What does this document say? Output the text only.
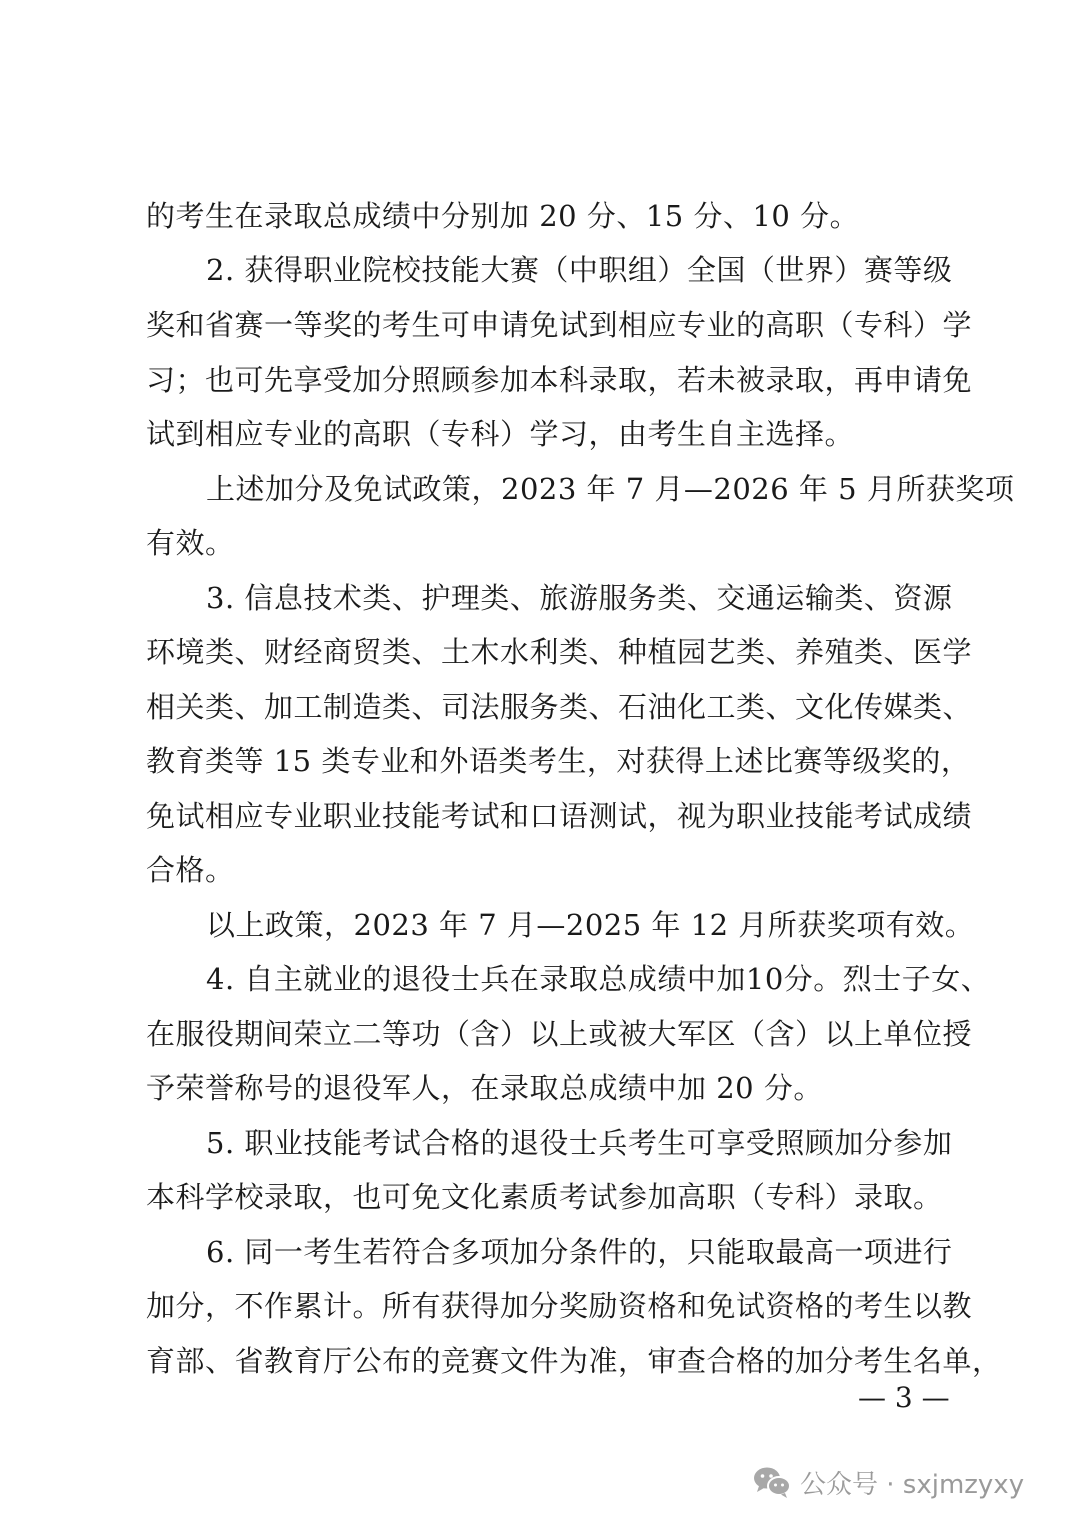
的考生在录取总成绩中分别加 20 分、15 分、10 分。
2. 获得职业院校技能大赛（中职组）全国（世界）赛等级
奖和省赛一等奖的考生可申请免试到相应专业的高职（专科）学
习；也可先享受加分照顾参加本科录取，若未被录取，再申请免
试到相应专业的高职（专科）学习，由考生自主选择。
上述加分及免试政策，2023 年 7 月—2026 年 5 月所获奖项
有效。
3. 信息技术类、护理类、旅游服务类、交通运输类、资源
环境类、财经商贸类、土木水利类、种植园艺类、养殖类、医学
相关类、加工制造类、司法服务类、石油化工类、文化传媒类、
教育类等 15 类专业和外语类考生，对获得上述比赛等级奖的，
免试相应专业职业技能考试和口语测试，视为职业技能考试成绩
合格。
以上政策，2023 年 7 月—2025 年 12 月所获奖项有效。
4. 自主就业的退役士兵在录取总成绩中加10分。烈士子女、
在服役期间荣立二等功（含）以上或被大军区（含）以上单位授
予荣誉称号的退役军人，在录取总成绩中加 20 分。
5. 职业技能考试合格的退役士兵考生可享受照顾加分参加
本科学校录取，也可免文化素质考试参加高职（专科）录取。
6. 同一考生若符合多项加分条件的，只能取最高一项进行
加分，不作累计。所有获得加分奖励资格和免试资格的考生以教
育部、省教育厅公布的竞赛文件为准，审查合格的加分考生名单，
— 3 —
公众号 · sxjmzyxy
